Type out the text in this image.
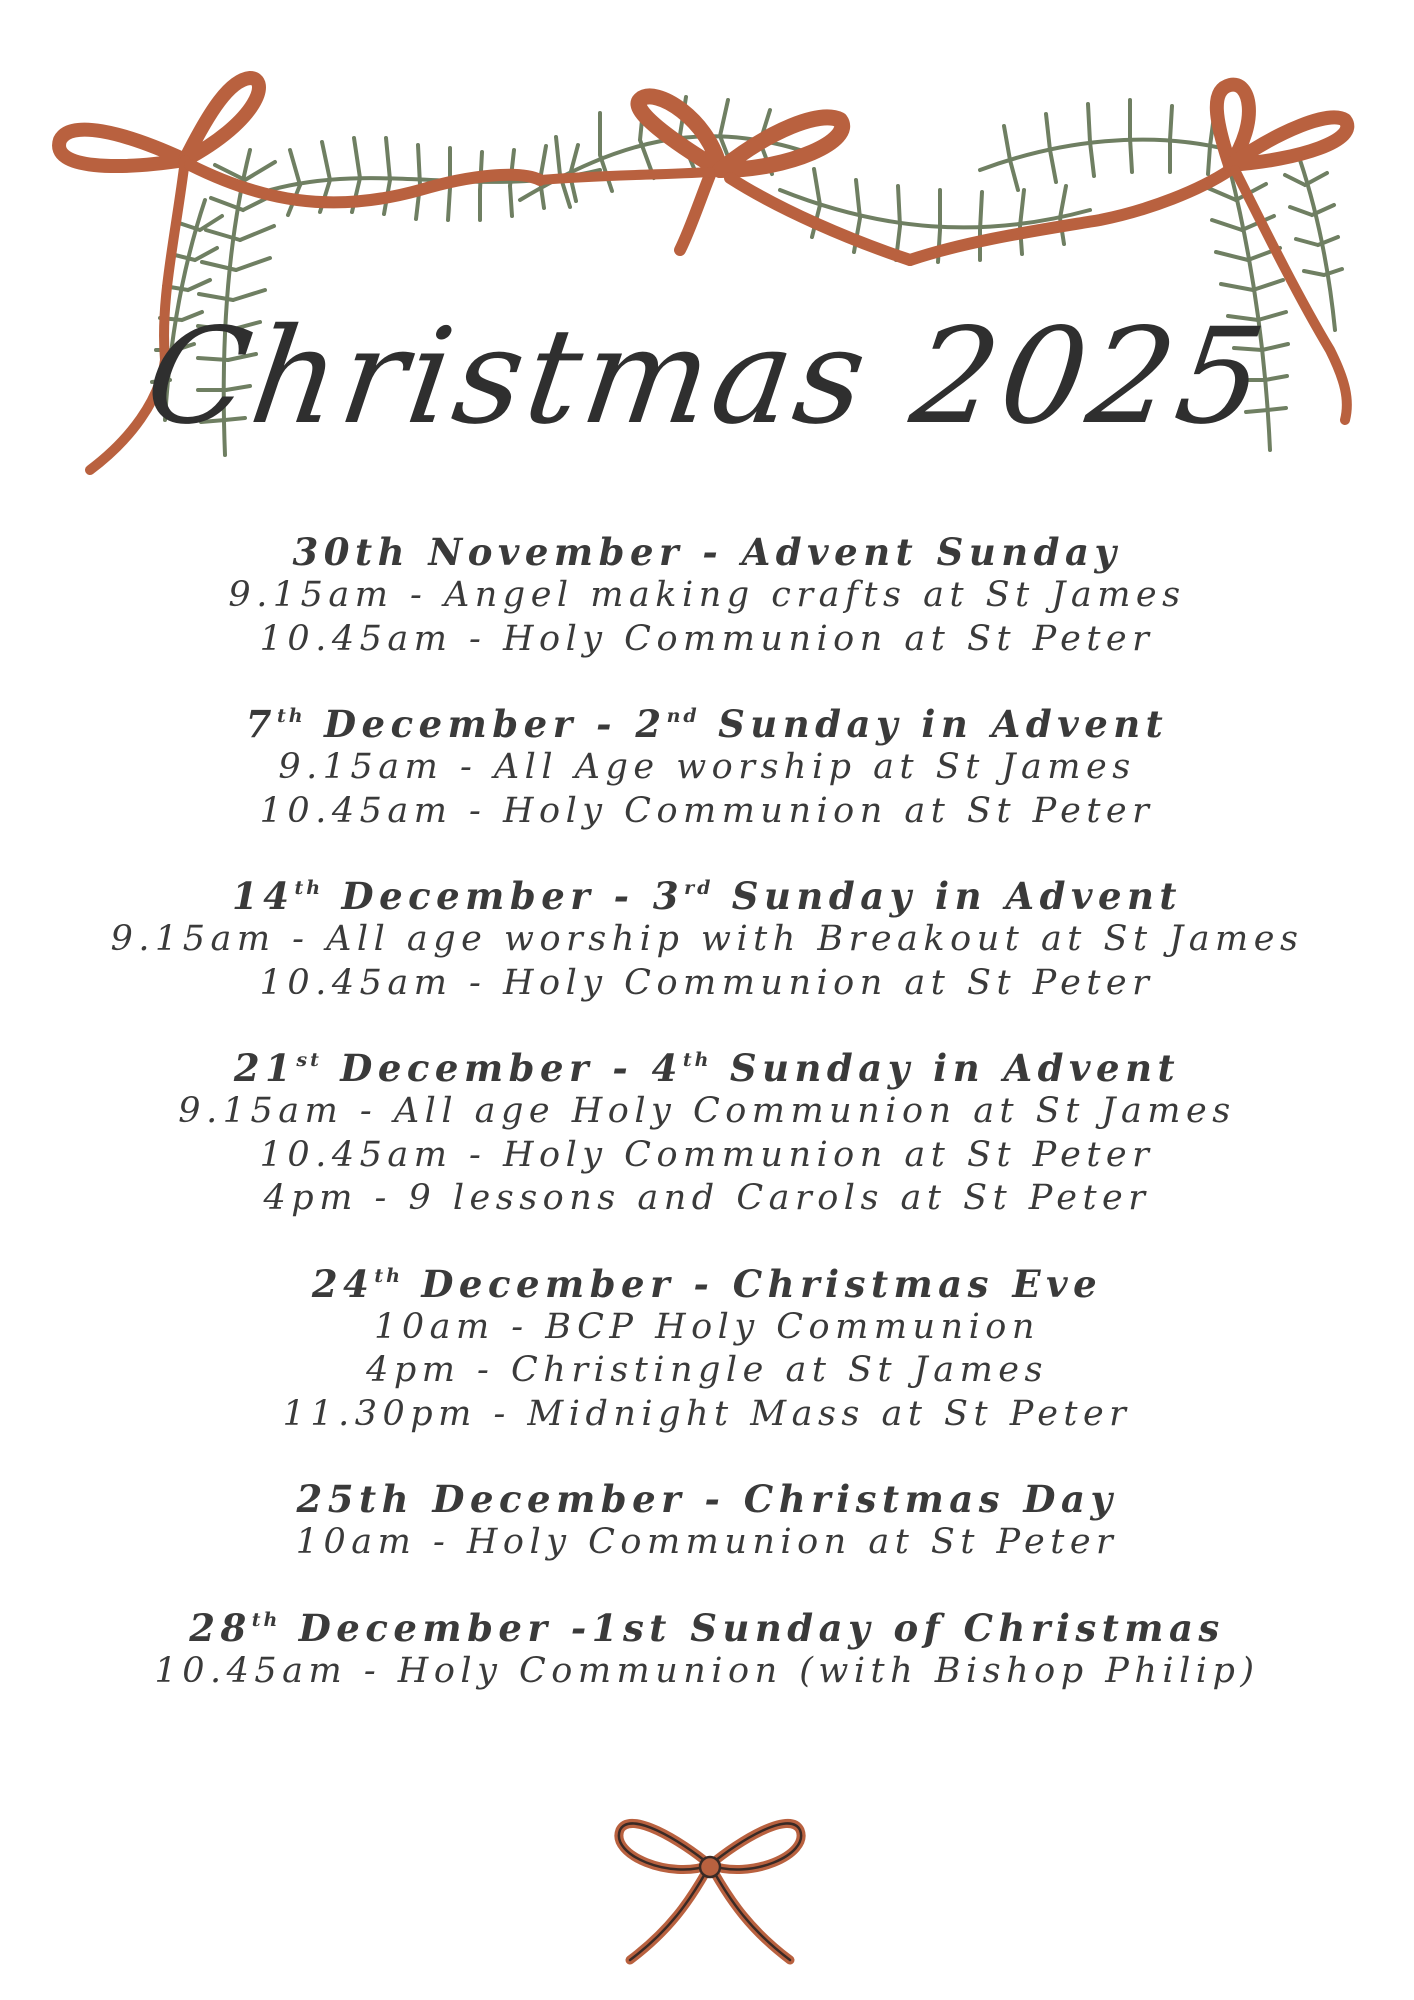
Christmas 2025
30th November - Advent Sunday
9.15am - Angel making crafts at St James
10.45am - Holy Communion at St Peter
7th December - 2nd Sunday in Advent
9.15am - All Age worship at St James
10.45am - Holy Communion at St Peter
14th December - 3rd Sunday in Advent
9.15am - All age worship with Breakout at St James
10.45am - Holy Communion at St Peter
21st December - 4th Sunday in Advent
9.15am - All age Holy Communion at St James
10.45am - Holy Communion at St Peter
4pm - 9 lessons and Carols at St Peter
24th December - Christmas Eve
10am - BCP Holy Communion
4pm - Christingle at St James
11.30pm - Midnight Mass at St Peter
25th December - Christmas Day
10am - Holy Communion at St Peter
28th December -1st Sunday of Christmas
10.45am - Holy Communion (with Bishop Philip)
